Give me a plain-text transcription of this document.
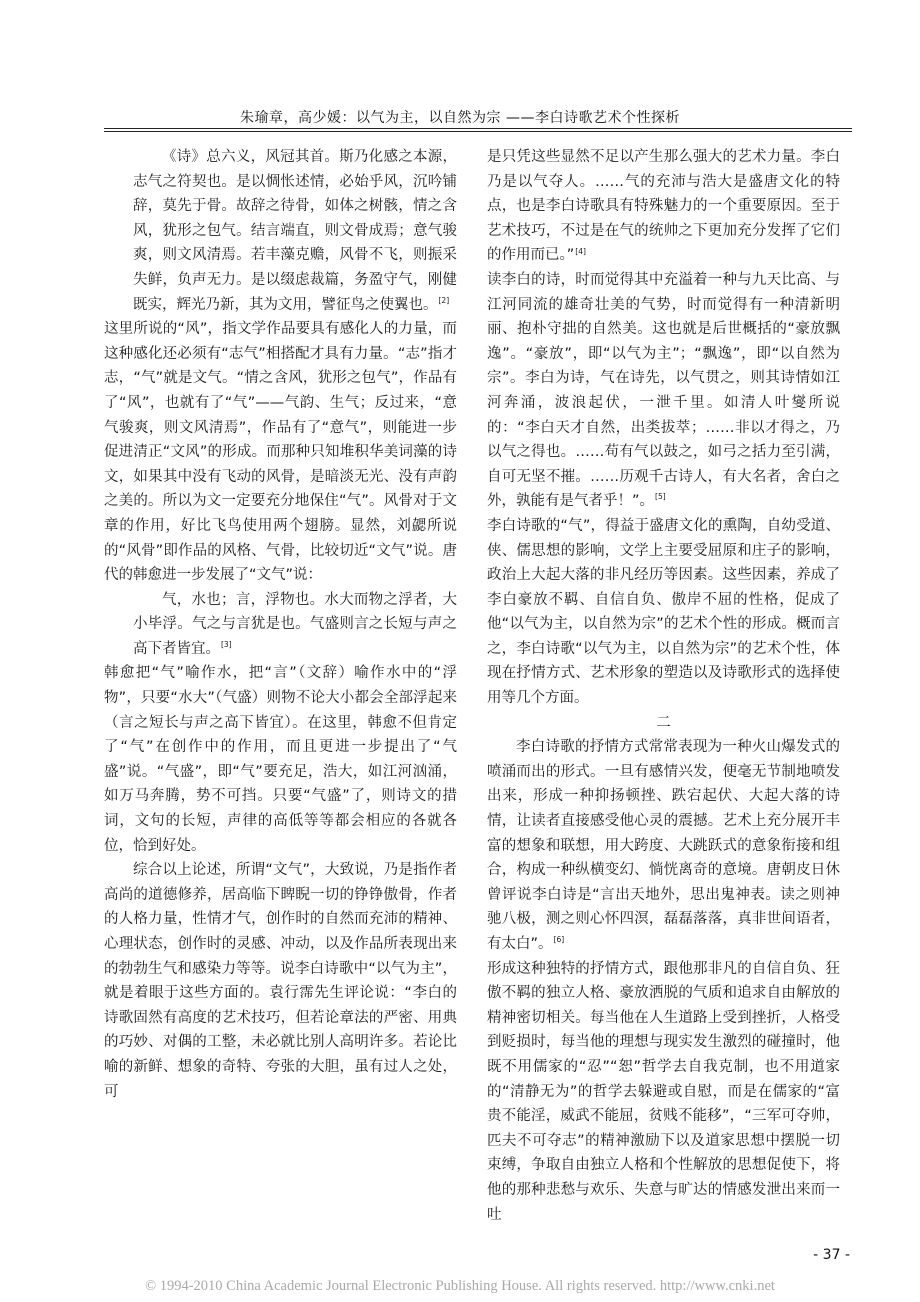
朱瑜章，高少媛：以气为主，以自然为宗 ——李白诗歌艺术个性探析

《诗》总六义，风冠其首。斯乃化感之本源，志气之符契也。是以惆怅述情，必始乎风，沉吟铺辞，莫先于骨。故辞之待骨，如体之树骸，情之含风，犹形之包气。结言端直，则文骨成焉；意气骏爽，则文风清焉。若丰藻克赡，风骨不飞，则振采失鲜，负声无力。是以缀虑裁篇，务盈守气，刚健既实，辉光乃新，其为文用，譬征鸟之使翼也。[2]

这里所说的“风”，指文学作品要具有感化人的力量，而这种感化还必须有“志气”相搭配才具有力量。“志”指才志，“气”就是文气。“情之含风，犹形之包气”，作品有了“风”，也就有了“气”——气韵、生气；反过来，“意气骏爽，则文风清焉”，作品有了“意气”，则能进一步促进清正“文风”的形成。而那种只知堆积华美词藻的诗文，如果其中没有飞动的风骨，是暗淡无光、没有声韵之美的。所以为文一定要充分地保住“气”。风骨对于文章的作用，好比飞鸟使用两个翅膀。显然，刘勰所说的“风骨”即作品的风格、气骨，比较切近“文气”说。唐代的韩愈进一步发展了“文气”说：

气，水也；言，浮物也。水大而物之浮者，大小毕浮。气之与言犹是也。气盛则言之长短与声之高下者皆宜。[3]

韩愈把“气”喻作水，把“言”（文辞）喻作水中的“浮物”，只要“水大”（气盛）则物不论大小都会全部浮起来（言之短长与声之高下皆宜）。在这里，韩愈不但肯定了“气”在创作中的作用，而且更进一步提出了“气盛”说。“气盛”，即“气”要充足，浩大，如江河汹涌，如万马奔腾，势不可挡。只要“气盛”了，则诗文的措词，文句的长短，声律的高低等等都会相应的各就各位，恰到好处。

综合以上论述，所谓“文气”，大致说，乃是指作者高尚的道德修养，居高临下睥睨一切的铮铮傲骨，作者的人格力量，性情才气，创作时的自然而充沛的精神、心理状态，创作时的灵感、冲动，以及作品所表现出来的勃勃生气和感染力等等。说李白诗歌中“以气为主”，就是着眼于这些方面的。袁行霈先生评论说：“李白的诗歌固然有高度的艺术技巧，但若论章法的严密、用典的巧妙、对偶的工整，未必就比别人高明许多。若论比喻的新鲜、想象的奇特、夸张的大胆，虽有过人之处，可

是只凭这些显然不足以产生那么强大的艺术力量。李白乃是以气夺人。……气的充沛与浩大是盛唐文化的特点，也是李白诗歌具有特殊魅力的一个重要原因。至于艺术技巧，不过是在气的统帅之下更加充分发挥了它们的作用而已。”[4]

读李白的诗，时而觉得其中充溢着一种与九天比高、与江河同流的雄奇壮美的气势，时而觉得有一种清新明丽、抱朴守拙的自然美。这也就是后世概括的“豪放飘逸”。“豪放”，即“以气为主”；“飘逸”，即“以自然为宗”。李白为诗，气在诗先，以气贯之，则其诗情如江河奔涌，波浪起伏，一泄千里。如清人叶燮所说的：“李白天才自然，出类拔萃；……非以才得之，乃以气之得也。……苟有气以鼓之，如弓之括力至引满，自可无坚不摧。……历观千古诗人，有大名者，舍白之外，孰能有是气者乎！”。[5]

李白诗歌的“气”，得益于盛唐文化的熏陶，自幼受道、侠、儒思想的影响，文学上主要受屈原和庄子的影响，政治上大起大落的非凡经历等因素。这些因素，养成了李白豪放不羁、自信自负、傲岸不屈的性格，促成了他“以气为主，以自然为宗”的艺术个性的形成。概而言之，李白诗歌“以气为主，以自然为宗”的艺术个性，体现在抒情方式、艺术形象的塑造以及诗歌形式的选择使用等几个方面。

二

李白诗歌的抒情方式常常表现为一种火山爆发式的喷涌而出的形式。一旦有感情兴发，便毫无节制地喷发出来，形成一种抑扬顿挫、跌宕起伏、大起大落的诗情，让读者直接感受他心灵的震撼。艺术上充分展开丰富的想象和联想，用大跨度、大跳跃式的意象衔接和组合，构成一种纵横变幻、惝恍离奇的意境。唐朝皮日休曾评说李白诗是“言出天地外，思出鬼神表。读之则神驰八极，测之则心怀四溟，磊磊落落，真非世间语者，有太白”。[6]

形成这种独特的抒情方式，跟他那非凡的自信自负、狂傲不羁的独立人格、豪放洒脱的气质和追求自由解放的精神密切相关。每当他在人生道路上受到挫折，人格受到贬损时，每当他的理想与现实发生激烈的碰撞时，他既不用儒家的“忍”“恕”哲学去自我克制，也不用道家的“清静无为”的哲学去躲避或自慰，而是在儒家的“富贵不能淫，威武不能屈，贫贱不能移”，“三军可夺帅，匹夫不可夺志”的精神激励下以及道家思想中摆脱一切束缚，争取自由独立人格和个性解放的思想促使下，将他的那种悲愁与欢乐、失意与旷达的情感发泄出来而一吐

- 37 -
© 1994-2010 China Academic Journal Electronic Publishing House. All rights reserved. http://www.cnki.net
